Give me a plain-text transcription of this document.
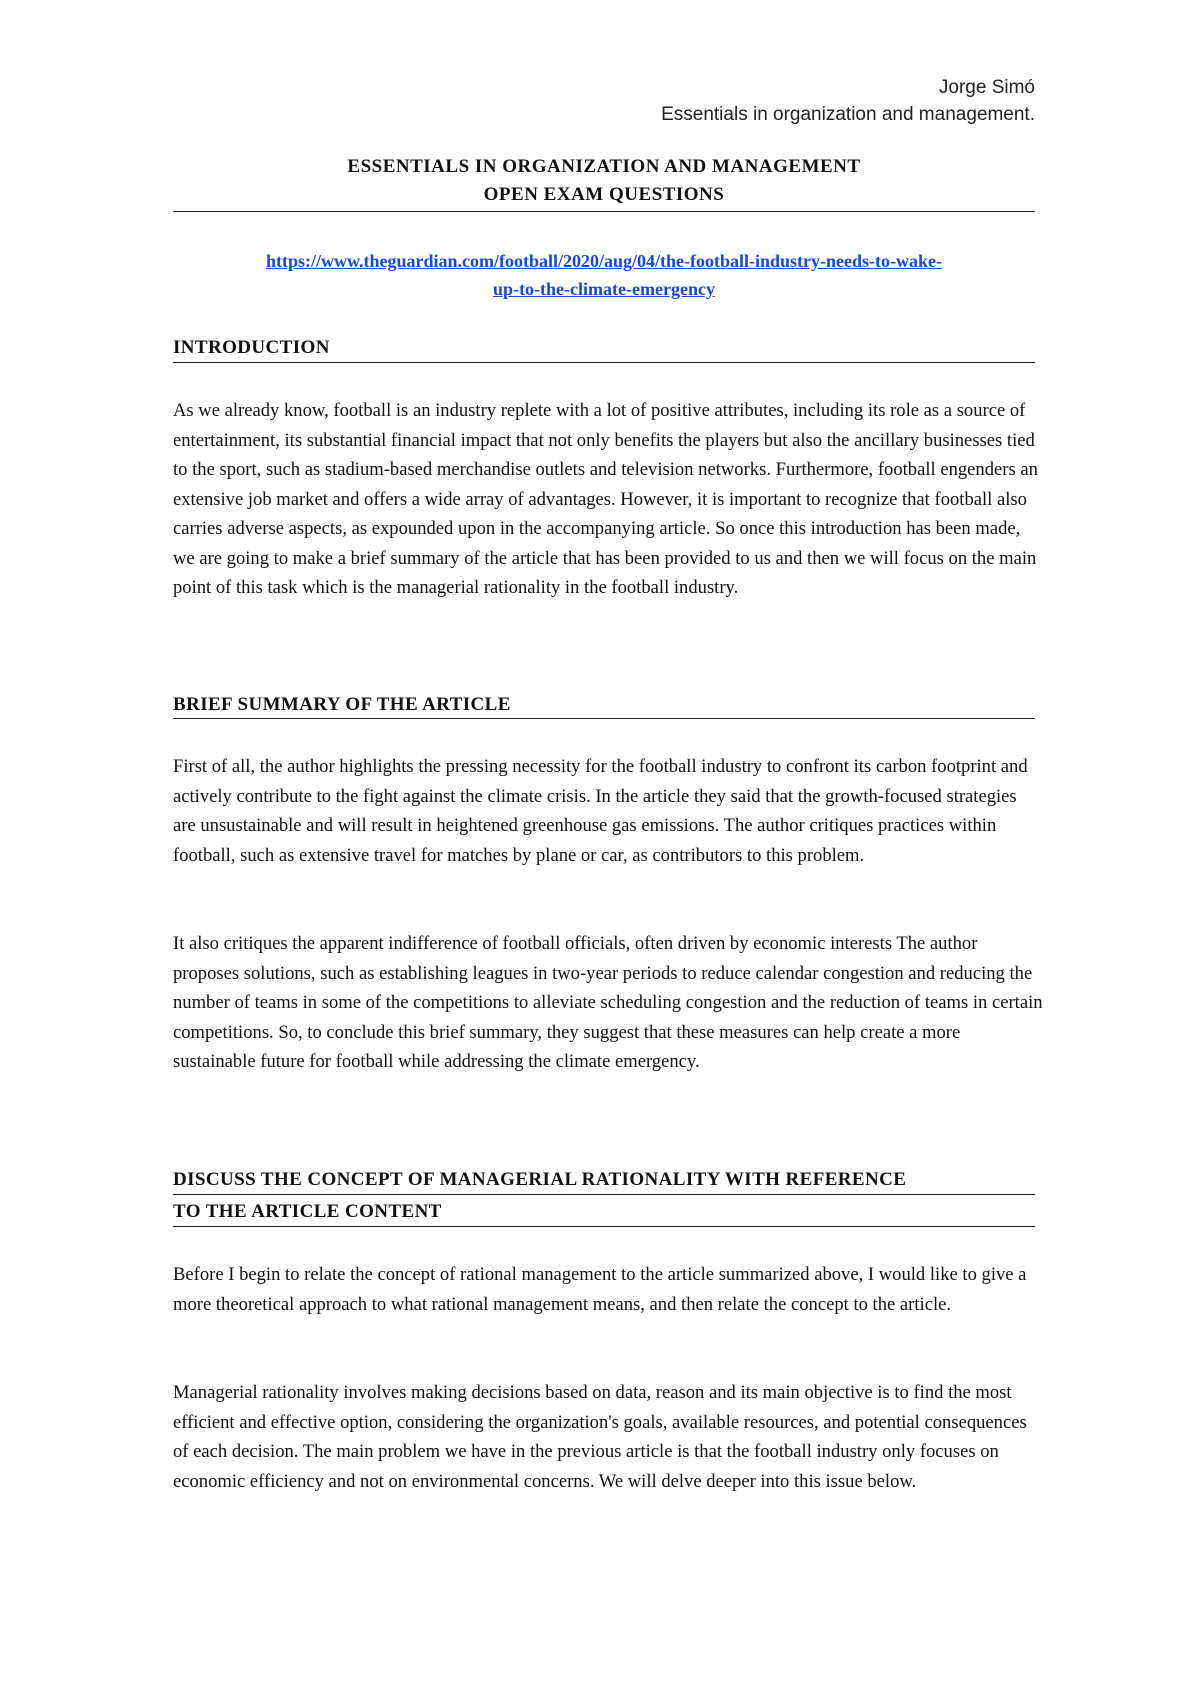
Jorge Simó
Essentials in organization and management.
ESSENTIALS IN ORGANIZATION AND MANAGEMENT
OPEN EXAM QUESTIONS
https://www.theguardian.com/football/2020/aug/04/the-football-industry-needs-to-wake-
up-to-the-climate-emergency
INTRODUCTION
As we already know, football is an industry replete with a lot of positive attributes, including its role as a source of entertainment, its substantial financial impact that not only benefits the players but also the ancillary businesses tied to the sport, such as stadium-based merchandise outlets and television networks. Furthermore, football engenders an extensive job market and offers a wide array of advantages. However, it is important to recognize that football also carries adverse aspects, as expounded upon in the accompanying article. So once this introduction has been made, we are going to make a brief summary of the article that has been provided to us and then we will focus on the main point of this task which is the managerial rationality in the football industry.
BRIEF SUMMARY OF THE ARTICLE
First of all, the author highlights the pressing necessity for the football industry to confront its carbon footprint and actively contribute to the fight against the climate crisis. In the article they said that the growth-focused strategies are unsustainable and will result in heightened greenhouse gas emissions. The author critiques practices within football, such as extensive travel for matches by plane or car, as contributors to this problem.
It also critiques the apparent indifference of football officials, often driven by economic interests The author proposes solutions, such as establishing leagues in two-year periods to reduce calendar congestion and reducing the number of teams in some of the competitions to alleviate scheduling congestion and the reduction of teams in certain competitions. So, to conclude this brief summary, they suggest that these measures can help create a more sustainable future for football while addressing the climate emergency.
DISCUSS THE CONCEPT OF MANAGERIAL RATIONALITY WITH REFERENCE
TO THE ARTICLE CONTENT
Before I begin to relate the concept of rational management to the article summarized above, I would like to give a more theoretical approach to what rational management means, and then relate the concept to the article.
Managerial rationality involves making decisions based on data, reason and its main objective is to find the most efficient and effective option, considering the organization's goals, available resources, and potential consequences of each decision. The main problem we have in the previous article is that the football industry only focuses on economic efficiency and not on environmental concerns. We will delve deeper into this issue below.
